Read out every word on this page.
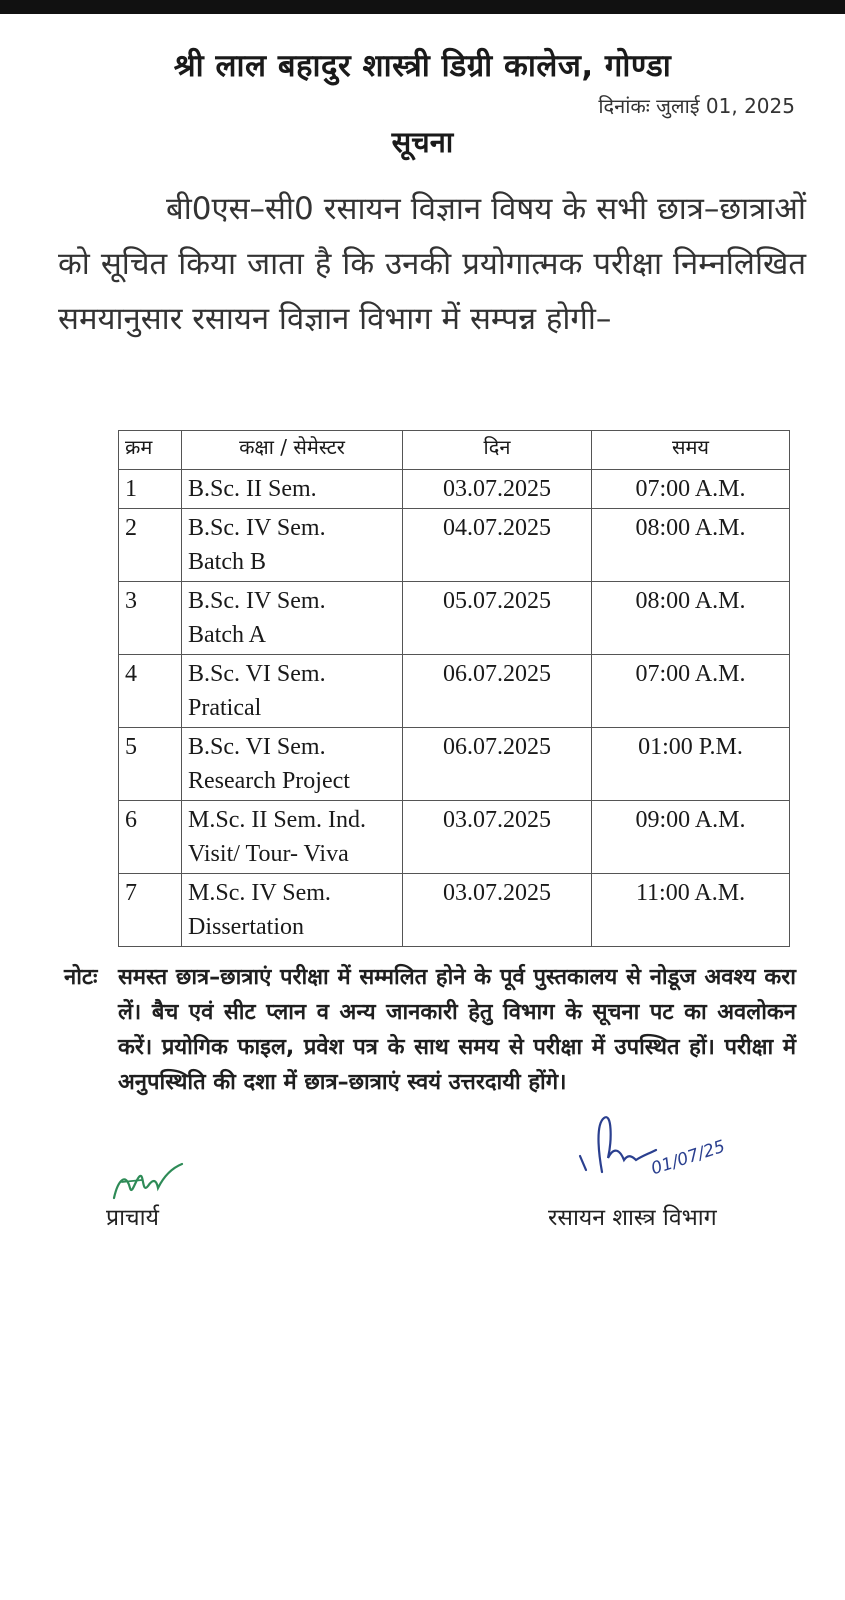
श्री लाल बहादुर शास्त्री डिग्री कालेज, गोण्डा
दिनांकः जुलाई 01, 2025
सूचना
बी0एस–सी0 रसायन विज्ञान विषय के सभी छात्र–छात्राओं को सूचित किया जाता है कि उनकी प्रयोगात्मक परीक्षा निम्नलिखित समयानुसार रसायन विज्ञान विभाग में सम्पन्न होगी–
क्रम	कक्षा / सेमेस्टर	दिन	समय
1	B.Sc. II Sem.	03.07.2025	07:00 A.M.
2	B.Sc. IV Sem.
Batch B	04.07.2025	08:00 A.M.
3	B.Sc. IV Sem.
Batch A	05.07.2025	08:00 A.M.
4	B.Sc. VI Sem.
Pratical	06.07.2025	07:00 A.M.
5	B.Sc. VI Sem.
Research Project	06.07.2025	01:00 P.M.
6	M.Sc. II Sem. Ind.
Visit/ Tour- Viva	03.07.2025	09:00 A.M.
7	M.Sc. IV Sem.
Dissertation	03.07.2025	11:00 A.M.
नोटः समस्त छात्र–छात्राएं परीक्षा में सम्मलित होने के पूर्व पुस्तकालय से नोडूज अवश्य करा लें। बैच एवं सीट प्लान व अन्य जानकारी हेतु विभाग के सूचना पट का अवलोकन करें। प्रयोगिक फाइल, प्रवेश पत्र के साथ समय से परीक्षा में उपस्थित हों। परीक्षा में अनुपस्थिति की दशा में छात्र–छात्राएं स्वयं उत्तरदायी होंगे।
प्राचार्य
01/07/25
रसायन शास्त्र विभाग
